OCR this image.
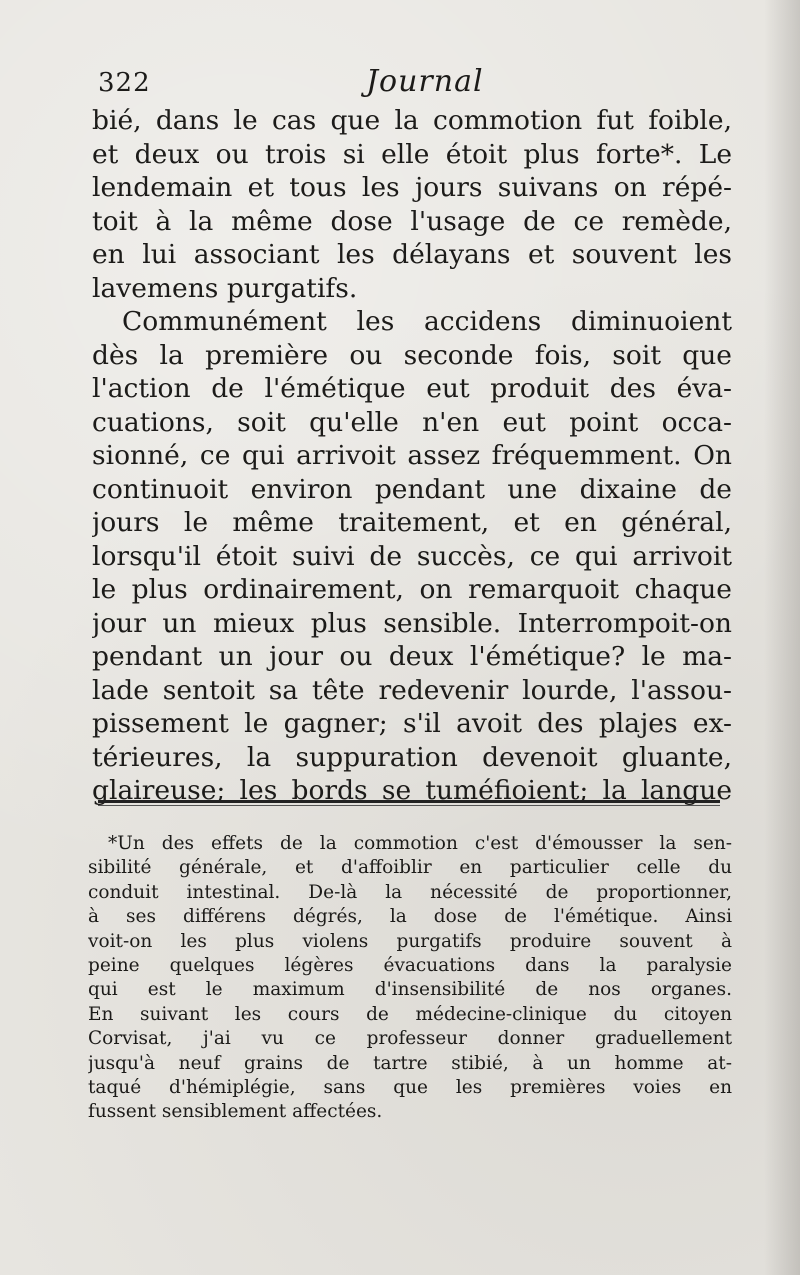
322	Journal
bié, dans le cas que la commotion fut foible,
et deux ou trois si elle étoit plus forte*. Le
lendemain et tous les jours suivans on répé-
toit à la même dose l'usage de ce remède,
en lui associant les délayans et souvent les
lavemens purgatifs.
Communément les accidens diminuoient
dès la première ou seconde fois, soit que
l'action de l'émétique eut produit des éva-
cuations, soit qu'elle n'en eut point occa-
sionné, ce qui arrivoit assez fréquemment. On
continuoit environ pendant une dixaine de
jours le même traitement, et en général,
lorsqu'il étoit suivi de succès, ce qui arrivoit
le plus ordinairement, on remarquoit chaque
jour un mieux plus sensible. Interrompoit-on
pendant un jour ou deux l'émétique? le ma-
lade sentoit sa tête redevenir lourde, l'assou-
pissement le gagner; s'il avoit des plajes ex-
térieures, la suppuration devenoit gluante,
glaireuse; les bords se tuméfioient; la langue
*Un des effets de la commotion c'est d'émousser la sen-
sibilité générale, et d'affoiblir en particulier celle du
conduit intestinal. De-là la nécessité de proportionner,
à ses différens dégrés, la dose de l'émétique. Ainsi
voit-on les plus violens purgatifs produire souvent à
peine quelques légères évacuations dans la paralysie
qui est le maximum d'insensibilité de nos organes.
En suivant les cours de médecine-clinique du citoyen
Corvisat, j'ai vu ce professeur donner graduellement
jusqu'à neuf grains de tartre stibié, à un homme at-
taqué d'hémiplégie, sans que les premières voies en
fussent sensiblement affectées.
